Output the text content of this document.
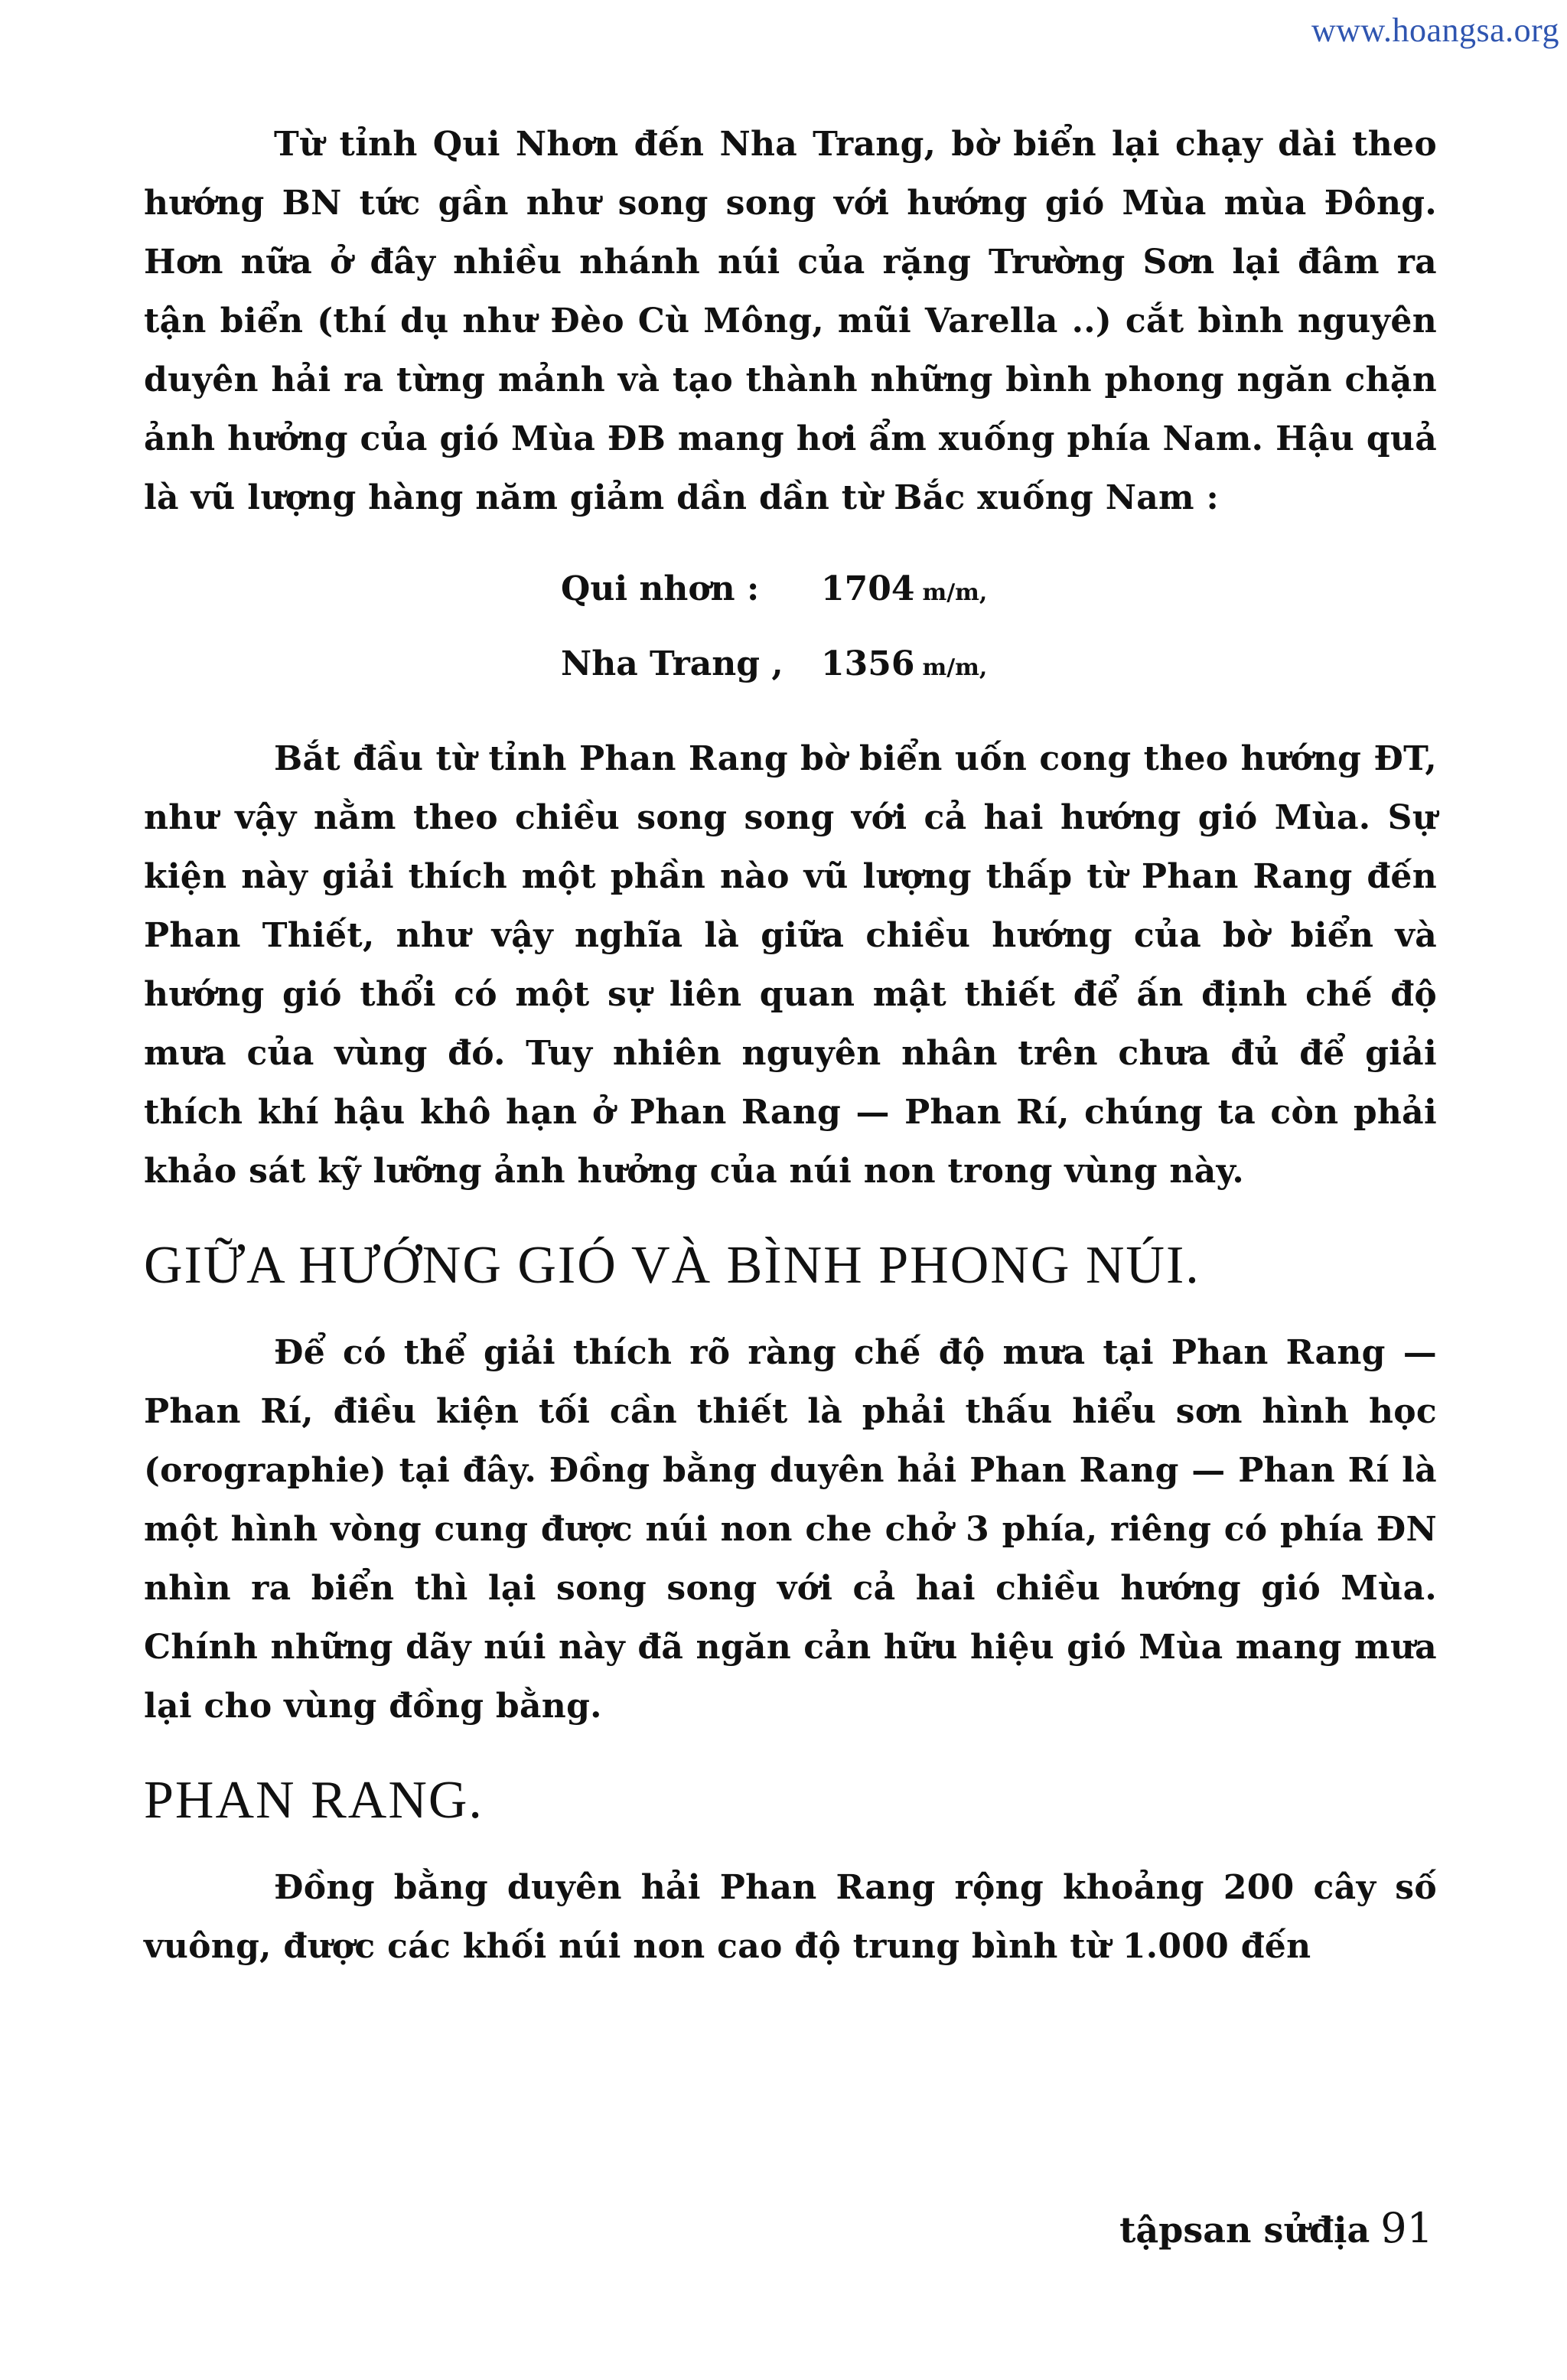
www.hoangsa.org

Từ tỉnh Qui Nhơn đến Nha Trang, bờ biển lại chạy dài theo hướng BN tức gần như song song với hướng gió Mùa mùa Đông. Hơn nữa ở đây nhiều nhánh núi của rặng Trường Sơn lại đâm ra tận biển (thí dụ như Đèo Cù Mông, mũi Varella ..) cắt bình nguyên duyên hải ra từng mảnh và tạo thành những bình phong ngăn chặn ảnh hưởng của gió Mùa ĐB mang hơi ẩm xuống phía Nam. Hậu quả là vũ lượng hàng năm giảm dần dần từ Bắc xuống Nam :

Qui nhơn :	1704 m/m,
Nha Trang ,	1356 m/m,

Bắt đầu từ tỉnh Phan Rang bờ biển uốn cong theo hướng ĐT, như vậy nằm theo chiều song song với cả hai hướng gió Mùa. Sự kiện này giải thích một phần nào vũ lượng thấp từ Phan Rang đến Phan Thiết, như vậy nghĩa là giữa chiều hướng của bờ biển và hướng gió thổi có một sự liên quan mật thiết để ấn định chế độ mưa của vùng đó. Tuy nhiên nguyên nhân trên chưa đủ để giải thích khí hậu khô hạn ở Phan Rang — Phan Rí, chúng ta còn phải khảo sát kỹ lưỡng ảnh hưởng của núi non trong vùng này.

GIỮA HƯỚNG GIÓ VÀ BÌNH PHONG NÚI.

Để có thể giải thích rõ ràng chế độ mưa tại Phan Rang — Phan Rí, điều kiện tối cần thiết là phải thấu hiểu sơn hình học (orographie) tại đây. Đồng bằng duyên hải Phan Rang — Phan Rí là một hình vòng cung được núi non che chở 3 phía, riêng có phía ĐN nhìn ra biển thì lại song song với cả hai chiều hướng gió Mùa. Chính những dãy núi này đã ngăn cản hữu hiệu gió Mùa mang mưa lại cho vùng đồng bằng.

PHAN RANG.

Đồng bằng duyên hải Phan Rang rộng khoảng 200 cây số vuông, được các khối núi non cao độ trung bình từ 1.000 đến

tậpsan sửđịa 91
